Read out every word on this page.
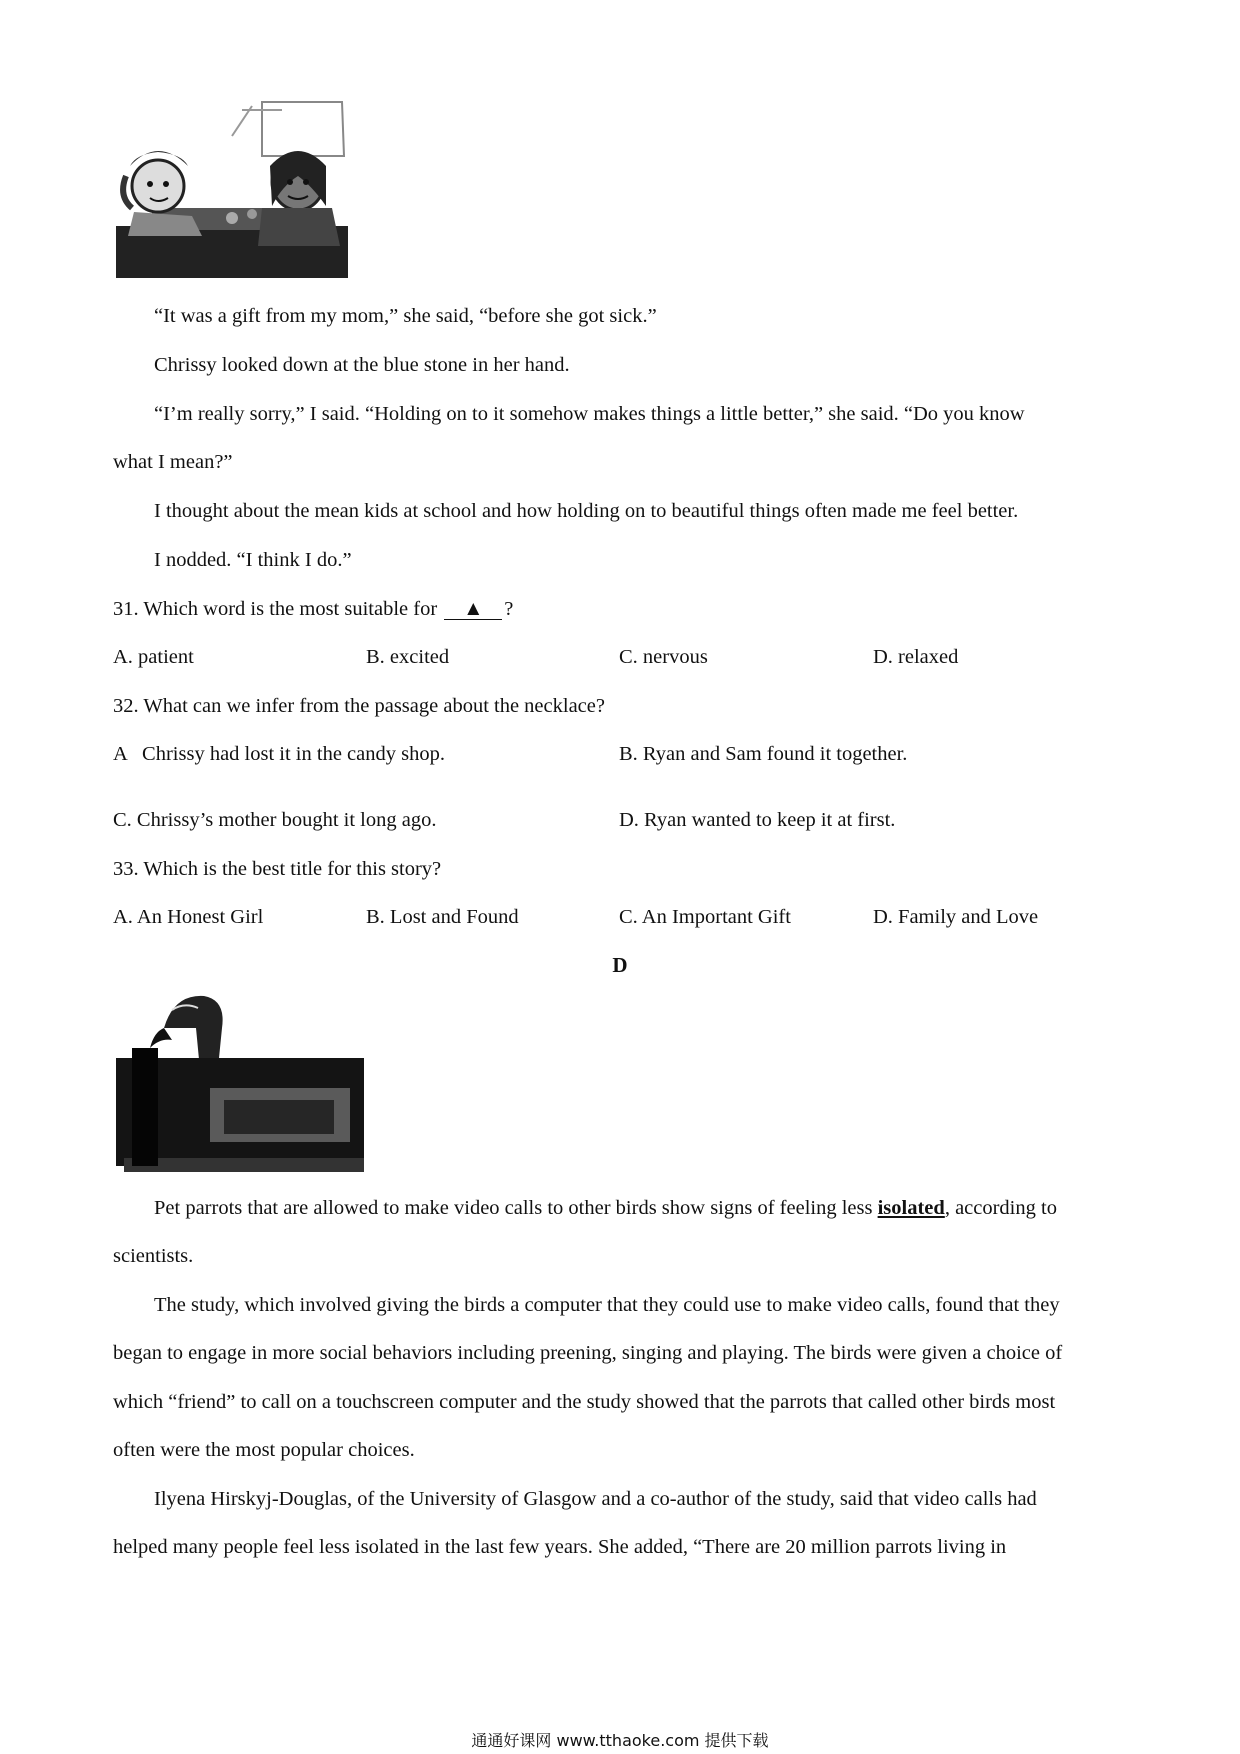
“It was a gift from my mom,” she said, “before she got sick.”
Chrissy looked down at the blue stone in her hand.
“I’m really sorry,” I said. “Holding on to it somehow makes things a little better,” she said. “Do you know
what I mean?”
I thought about the mean kids at school and how holding on to beautiful things often made me feel better.
I nodded. “I think I do.”
31. Which word is the most suitable for ▲ ?
A. patient	B. excited	C. nervous	D. relaxed
32. What can we infer from the passage about the necklace?
A   Chrissy had lost it in the candy shop.	B. Ryan and Sam found it together.
C. Chrissy’s mother bought it long ago.	D. Ryan wanted to keep it at first.
33. Which is the best title for this story?
A. An Honest Girl	B. Lost and Found	C. An Important Gift	D. Family and Love
D
Pet parrots that are allowed to make video calls to other birds show signs of feeling less isolated, according to
scientists.
The study, which involved giving the birds a computer that they could use to make video calls, found that they
began to engage in more social behaviors including preening, singing and playing. The birds were given a choice of
which “friend” to call on a touchscreen computer and the study showed that the parrots that called other birds most
often were the most popular choices.
Ilyena Hirskyj-Douglas, of the University of Glasgow and a co-author of the study, said that video calls had
helped many people feel less isolated in the last few years. She added, “There are 20 million parrots living in
通通好课网 www.tthaoke.com 提供下载
